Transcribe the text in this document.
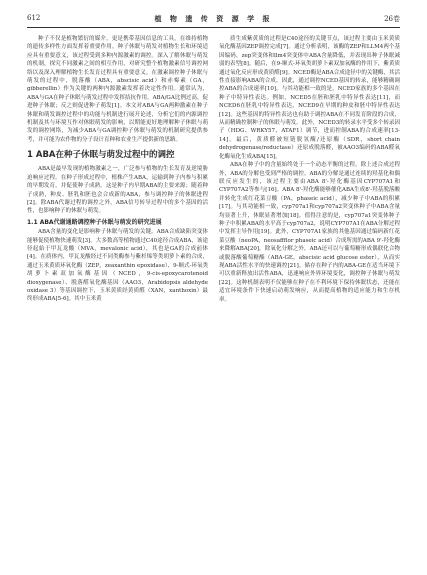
612	植 物 遗 传 资 源 学 报	26卷

种子不仅是植物繁衍的媒介，更是携带基因信息的工具，在维持植物的遗传多样性方面发挥着重要作用。种子休眠与萌发对植物生长和环境适应具有重要意义，该过程受到多种内源激素的调控。深入了解休眠与萌发的机制，探究不同激素之间的相互作用，对研究整个植物激素信号调控网络以及深入理解植物生长发育过程具有重要意义。在激素调控种子休眠与萌发的过程中，脱落酸（ABA，abscisic acid）和赤霉素（GA，gibberellin）作为关键的两种内源激素发挥着决定性作用。通常认为，ABA与GA在种子休眠与萌发过程中发挥拮抗作用。ABA/GA比例过高，促进种子休眠；反之则促进种子萌发[1]。本文对ABA与GA两种激素在种子休眠和萌发调控过程中的功能与机制进行展开论述，分析它们的内源调控机制及其与环境互作对休眠萌发的影响，以期能更好地理解种子休眠与萌发的调控网络，为减少ABA与GA调控种子休眠与萌发的机制研究提供参考，并可能为农作物的分子设计育种和农业生产提供新的思路。

1 ABA在种子休眠与萌发过程中的调控

ABA是最早发现的植物激素之一，广泛参与植物的生长发育及逆境胁迫响应过程。在种子形成过程中，植株产生ABA，运输到种子内参与积累的早期发育，并促使种子成熟。这是种子内早期ABA的主要来源；随着种子成熟，种皮、胚乳和胚也会合成新的ABA，参与调控种子的休眠进程[2]。除ABA代谢过程的调控之外，ABA信号转导过程中的多个基因的活性，也影响种子的休眠与萌发。

1.1 ABA代谢通路调控种子休眠与萌发的研究进展

ABA含量的变化是影响种子休眠与萌发的关键。ABA合成缺陷突变体能够促使植物快速萌发[3]。大多数高等植物通过C40途径合成ABA，该途径起始于甲瓦龙酸（MVA，mevalonic acid），其也是GA的合成前体[4]。在质体内，甲瓦龙酸经过不同类酶参与紫杉烯等类胡萝卜素的合成，通过玉米黄质环氧化酶（ZEP，zeaxanthin epoxidase）、9-顺式-环氧类胡萝卜素双加氧酶基因（NCED，9-cis-epoxycarotenoid dioxygenase）、脱落醛氧化酶基因（AAO3，Arabidopsis aldehyde oxidase 3）等基因调控下，玉米黄质经黄质醛（XAN，xanthoxin）最终形成ABA[5-6]。其中玉米黄

质生成紫黄质的过程是C40途径的关键节点，该过程主要由玉米黄质氧化酶基因ZEP调控完成[7]。通过分析表明，该酶的ZEP和LLM4两个基因编码，zep突变体和llm4突变体中ABA含量降低，并表现出种子休眠减弱的表型[8]。随后，在9-顺式-环氧类胡萝卜素双加氧酶的作用下，紫黄质通过氧化反应形成黄质醛[9]。NCED酶是ABA合成途径中的关键酶，其活性直接影响ABA的合成。因此，通过调控NCED基因的转录，能够精确调控ABA的合成速率[10]。与其功能相一致的是，NCED家族的多个基因在种子中特异性表达。例如，NCED5在胚和胚乳中特异性表达[11]，而NCED6在胚乳中特异性表达，NCED9在早期的种皮和胚中特异性表达[12]。这些基因的特异性表达也有助于调控ABA在不同发育阶段的合成，从而精确控制种子的休眠与萌发。此外，NCED3的转录水平受多个转录因子（HDG、WRKY57、ATAF1）调节，进而控制ABA的合成速率[13-14]。最后，黄质醛被短链脱氢酶/还原酶（SDR，short chain dehydrogenase/reductase）还原成脱落醛，被AAO3编码的ABA醛氧化酶氧化生成ABA[15]。

ABA在种子中的含量始终处于一个动态平衡的过程。除上述合成过程外，ABA的分解也受到严格的调控。ABA的分解是通过连续的羟基化和偶联反应发生的，该过程主要由ABA 8'-羟化酶基因CYP707A1和CYP707A2等参与[16]。ABA 8'-羟化酶能够催化ABA生成8'-羟基脱落酸并转化生成红花菜豆酸（PA，phaseic acid），减少种子中ABA的积累[17]。与其功能相一致，cyp707a1和cyp707a2突变体种子中ABA含量均显著上升，休眠显著增加[18]。值得注意的是，cyp707a1突变体种子种子中积累ABA的水平高于cyp707a2，说明CYP707A1在ABA分解过程中发挥主导作用[19]。此外，CYP707A1家族的其他基因通过编码新红花菜豆酸（neoPA，neosaffflor phaseic acid）合成所需的ABA 9'-羟化酶来降解ABA[20]。除氧化分解之外，ABA还可以与葡萄糖形成偶联化合物或脱落酸葡萄糖酯（ABA-GE，abscisic acid glucose ester），从而实现ABA活性水平的快速调控[21]。储存在种子内的ABA-GE在适当环境下可以重新释放出活性ABA，迅速响应外界环境变化，调控种子休眠与萌发[22]。这种机制表明不仅能够在种子在不利环境下保持休眠状态，还能在适宜环境条件下快速启动萌发响应，从而提高植物的适应能力和生存机率。
